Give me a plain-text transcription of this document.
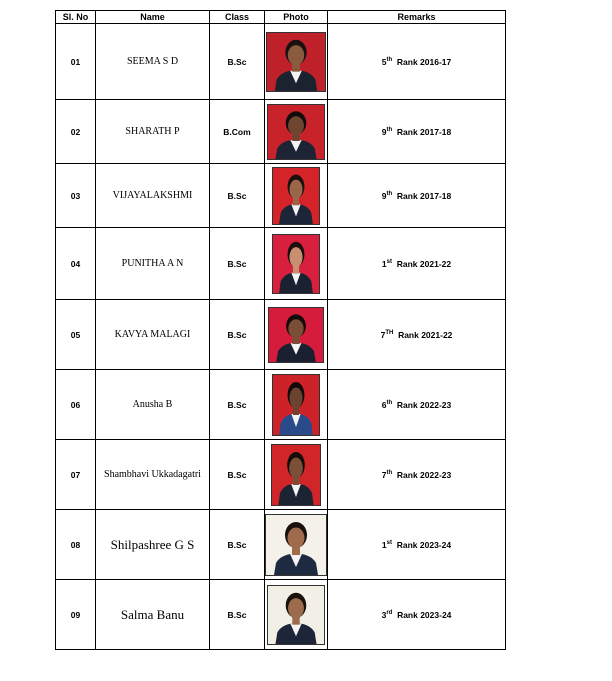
Sl. No	Name	Class	Photo	Remarks
01	SEEMA S D	B.Sc		5th Rank 2016-17
02	SHARATH P	B.Com		9th Rank 2017-18
03	VIJAYALAKSHMI	B.Sc		9th Rank 2017-18
04	PUNITHA A N	B.Sc		1st Rank 2021-22
05	KAVYA MALAGI	B.Sc		7TH Rank 2021-22
06	Anusha B	B.Sc		6th Rank 2022-23
07	Shambhavi Ukkadagatri	B.Sc		7th Rank 2022-23
08	Shilpashree G S	B.Sc		1st Rank 2023-24
09	Salma Banu	B.Sc		3rd Rank 2023-24
